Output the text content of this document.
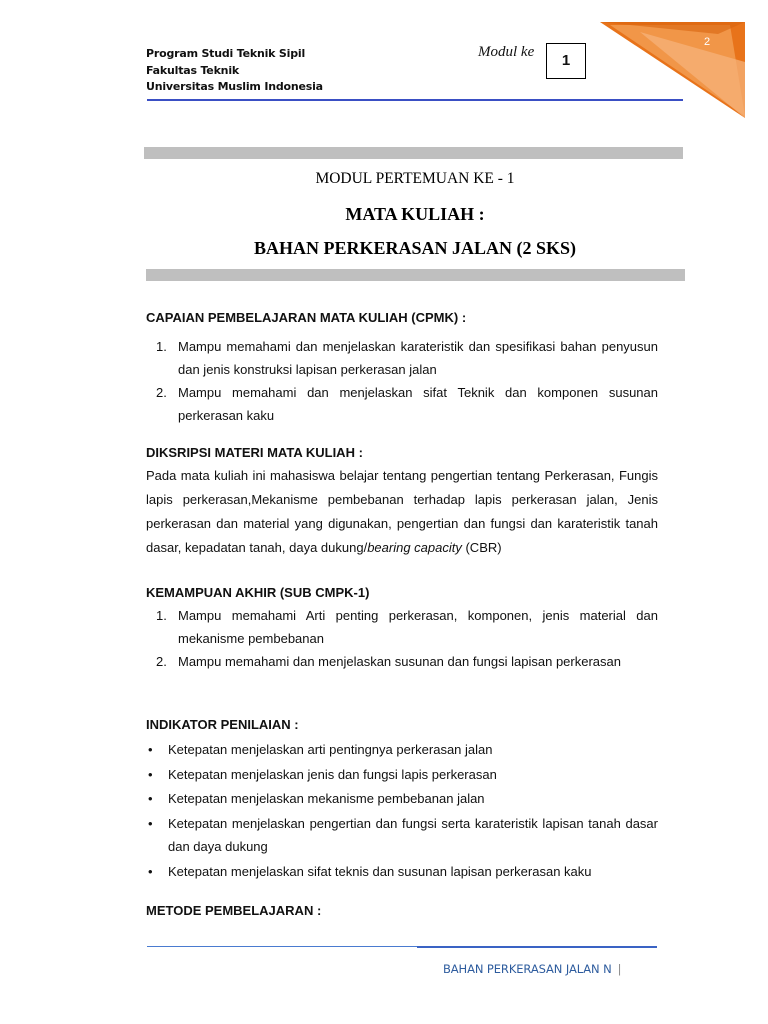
2
Program Studi Teknik Sipil
Fakultas Teknik
Universitas Muslim Indonesia
Modul ke	1
MODUL PERTEMUAN KE - 1
MATA KULIAH :
BAHAN PERKERASAN JALAN (2 SKS)
CAPAIAN PEMBELAJARAN MATA KULIAH (CPMK) :
1. Mampu memahami dan menjelaskan karateristik dan spesifikasi bahan penyusun dan jenis konstruksi lapisan perkerasan jalan
2. Mampu memahami dan menjelaskan sifat Teknik dan komponen susunan perkerasan kaku
DIKSRIPSI MATERI MATA KULIAH :
Pada mata kuliah ini mahasiswa belajar tentang pengertian tentang Perkerasan, Fungis lapis perkerasan,Mekanisme pembebanan terhadap lapis perkerasan jalan, Jenis perkerasan dan material yang digunakan, pengertian dan fungsi dan karateristik tanah dasar, kepadatan tanah, daya dukung/bearing capacity (CBR)
KEMAMPUAN AKHIR (SUB CMPK-1)
1. Mampu memahami Arti penting perkerasan, komponen, jenis material dan mekanisme pembebanan
2. Mampu memahami dan menjelaskan susunan dan fungsi lapisan perkerasan
INDIKATOR PENILAIAN :
•	Ketepatan menjelaskan arti pentingnya perkerasan jalan
•	Ketepatan menjelaskan jenis dan fungsi lapis perkerasan
•	Ketepatan menjelaskan mekanisme pembebanan jalan
•	Ketepatan menjelaskan pengertian dan fungsi serta karateristik lapisan tanah dasar dan daya dukung
•	Ketepatan menjelaskan sifat teknis dan susunan lapisan perkerasan kaku
METODE PEMBELAJARAN :
BAHAN PERKERASAN JALAN N |
